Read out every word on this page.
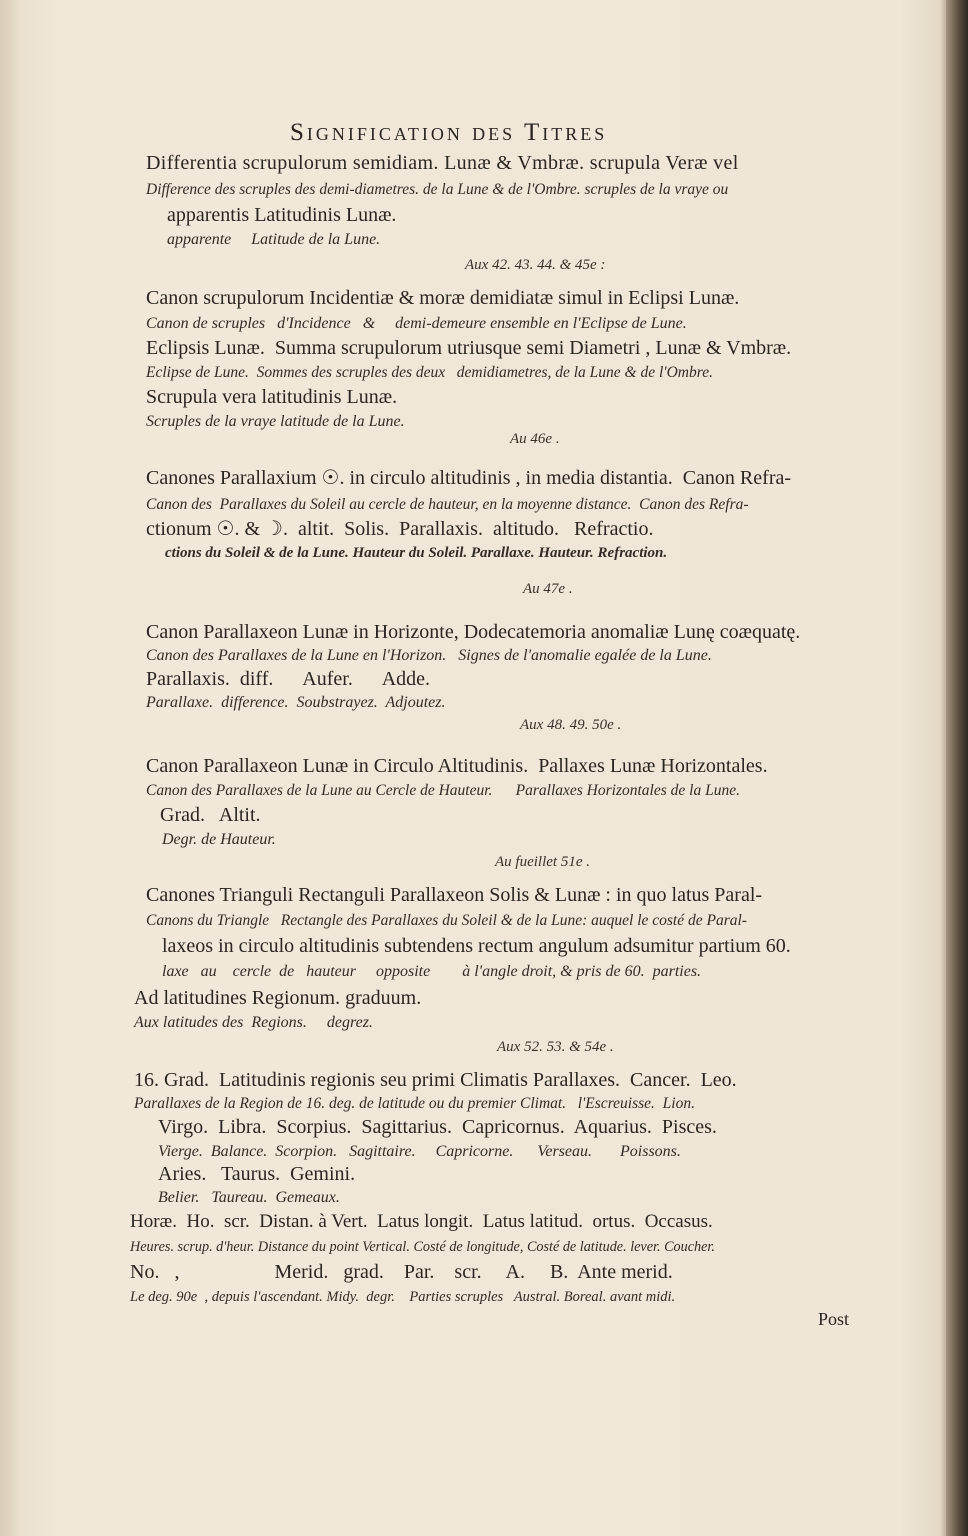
Signification des Titres
Differentia scrupulorum semidiam. Lunæ & Vmbræ. scrupula Veræ vel
Difference des scruples des demi-diametres. de la Lune & de l'Ombre. scruples de la vraye ou
apparentis Latitudinis Lunæ.
apparente     Latitude de la Lune.
Aux 42. 43. 44. & 45e :
Canon scrupulorum Incidentiæ & moræ demidiatæ simul in Eclipsi Lunæ.
Canon de scruples   d'Incidence   &     demi-demeure ensemble en l'Eclipse de Lune.
Eclipsis Lunæ.  Summa scrupulorum utriusque semi Diametri , Lunæ & Vmbræ.
Eclipse de Lune.  Sommes des scruples des deux   demidiametres, de la Lune & de l'Ombre.
Scrupula vera latitudinis Lunæ.
Scruples de la vraye latitude de la Lune.
Au 46e .
Canones Parallaxium ☉. in circulo altitudinis , in media distantia.  Canon Refra-
Canon des  Parallaxes du Soleil au cercle de hauteur, en la moyenne distance.  Canon des Refra-
ctionum ☉. & ☽.  altit.  Solis.  Parallaxis.  altitudo.   Refractio.
ctions du Soleil & de la Lune. Hauteur du Soleil. Parallaxe. Hauteur. Refraction.
Au 47e .
Canon Parallaxeon Lunæ in Horizonte, Dodecatemoria anomaliæ Lunę coæquatę.
Canon des Parallaxes de la Lune en l'Horizon.   Signes de l'anomalie egalée de la Lune.
Parallaxis.  diff.      Aufer.      Adde.
Parallaxe.  difference.  Soubstrayez.  Adjoutez.
Aux 48. 49. 50e .
Canon Parallaxeon Lunæ in Circulo Altitudinis.  Pallaxes Lunæ Horizontales.
Canon des Parallaxes de la Lune au Cercle de Hauteur.      Parallaxes Horizontales de la Lune.
Grad.   Altit.
Degr. de Hauteur.
Au fueillet 51e .
Canones Trianguli Rectanguli Parallaxeon Solis & Lunæ : in quo latus Paral-
Canons du Triangle   Rectangle des Parallaxes du Soleil & de la Lune: auquel le costé de Paral-
laxeos in circulo altitudinis subtendens rectum angulum adsumitur partium 60.
laxe   au    cercle  de   hauteur     opposite        à l'angle droit, & pris de 60.  parties.
Ad latitudines Regionum. graduum.
Aux latitudes des  Regions.     degrez.
Aux 52. 53. & 54e .
16. Grad.  Latitudinis regionis seu primi Climatis Parallaxes.  Cancer.  Leo.
Parallaxes de la Region de 16. deg. de latitude ou du premier Climat.   l'Escreuisse.  Lion.
Virgo.  Libra.  Scorpius.  Sagittarius.  Capricornus.  Aquarius.  Pisces.
Vierge.  Balance.  Scorpion.   Sagittaire.     Capricorne.      Verseau.       Poissons.
Aries.   Taurus.  Gemini.
Belier.   Taureau.  Gemeaux.
Horæ.  Ho.  scr.  Distan. à Vert.  Latus longit.  Latus latitud.  ortus.  Occasus.
Heures. scrup. d'heur. Distance du point Vertical. Costé de longitude, Costé de latitude. lever. Coucher.
No.   ,                   Merid.   grad.    Par.    scr.     A.     B.  Ante merid.
Le deg. 90e  , depuis l'ascendant. Midy.  degr.    Parties scruples   Austral. Boreal. avant midi.
Post
